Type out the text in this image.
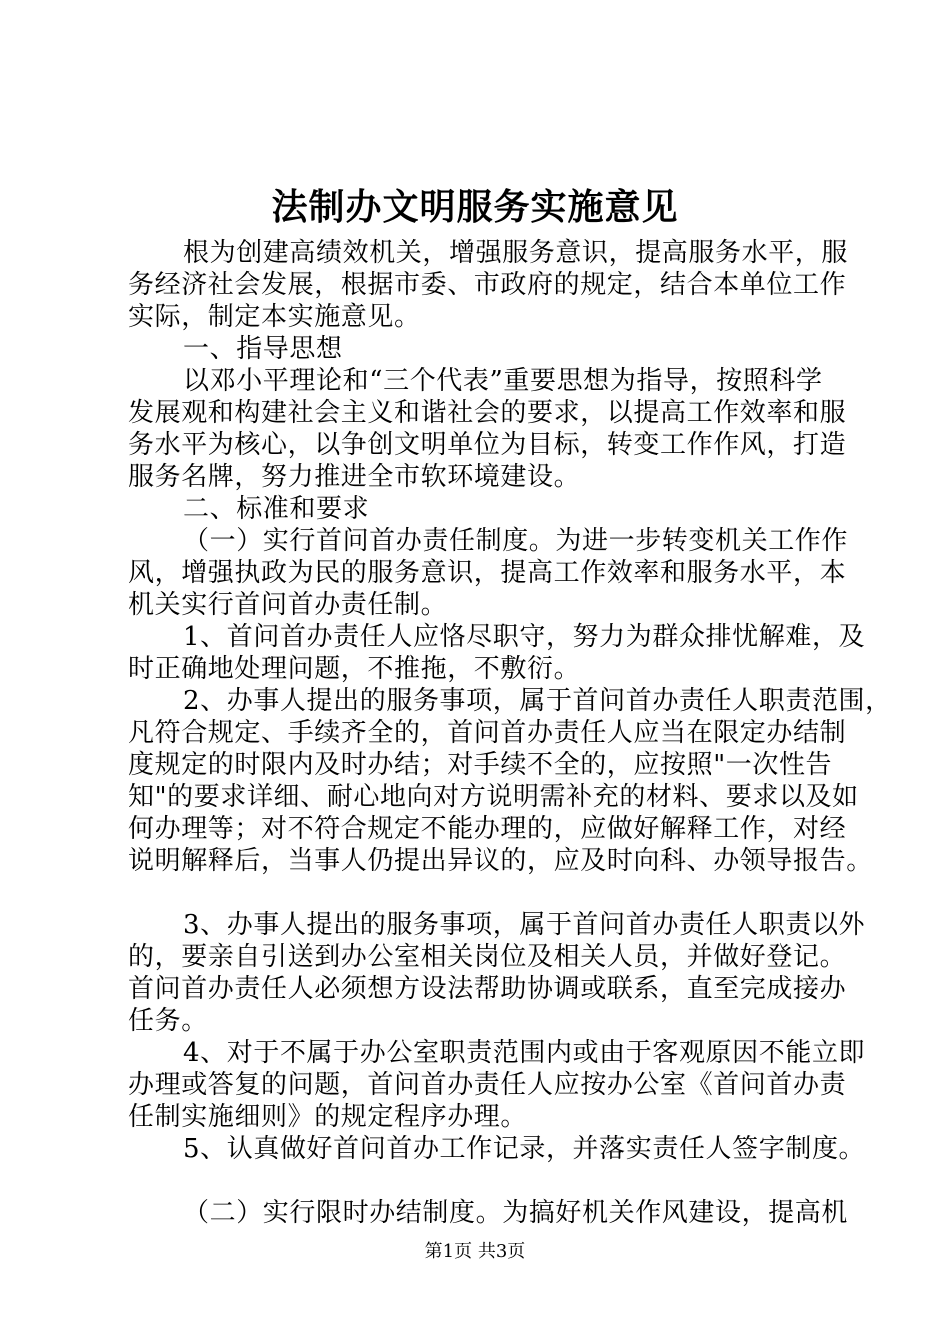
法制办文明服务实施意见
根为创建高绩效机关，增强服务意识，提高服务水平，服
务经济社会发展，根据市委、市政府的规定，结合本单位工作
实际，制定本实施意见。
一、指导思想
以邓小平理论和“三个代表”重要思想为指导，按照科学
发展观和构建社会主义和谐社会的要求，以提高工作效率和服
务水平为核心，以争创文明单位为目标，转变工作作风，打造
服务名牌，努力推进全市软环境建设。
二、标准和要求
（一）实行首问首办责任制度。为进一步转变机关工作作
风，增强执政为民的服务意识，提高工作效率和服务水平，本
机关实行首问首办责任制。
1、首问首办责任人应恪尽职守，努力为群众排忧解难，及
时正确地处理问题，不推拖，不敷衍。
2、办事人提出的服务事项，属于首问首办责任人职责范围，
凡符合规定、手续齐全的，首问首办责任人应当在限定办结制
度规定的时限内及时办结；对手续不全的，应按照"一次性告
知"的要求详细、耐心地向对方说明需补充的材料、要求以及如
何办理等；对不符合规定不能办理的，应做好解释工作，对经
说明解释后，当事人仍提出异议的，应及时向科、办领导报告。
3、办事人提出的服务事项，属于首问首办责任人职责以外
的，要亲自引送到办公室相关岗位及相关人员，并做好登记。
首问首办责任人必须想方设法帮助协调或联系，直至完成接办
任务。
4、对于不属于办公室职责范围内或由于客观原因不能立即
办理或答复的问题，首问首办责任人应按办公室《首问首办责
任制实施细则》的规定程序办理。
5、认真做好首问首办工作记录，并落实责任人签字制度。
（二）实行限时办结制度。为搞好机关作风建设，提高机
第1页 共3页
